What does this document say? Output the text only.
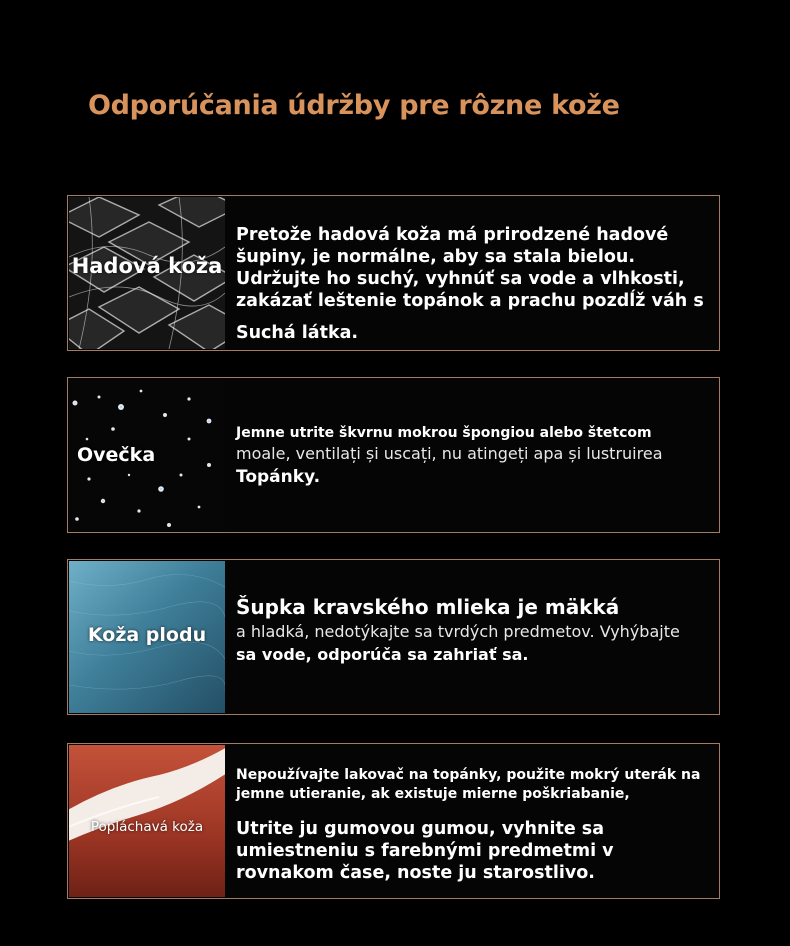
Odporúčania údržby pre rôzne kože
Hadová koža
Pretože hadová koža má prirodzené hadové
šupiny, je normálne, aby sa stala bielou.
Udržujte ho suchý, vyhnúť sa vode a vlhkosti,
zakázať leštenie topánok a prachu pozdĺž váh s
Suchá látka.
Ovečka
Jemne utrite škvrnu mokrou špongiou alebo štetcom
moale, ventilați și uscați, nu atingeți apa și lustruirea
Topánky.
Koža plodu
Šupka kravského mlieka je mäkká
a hladká, nedotýkajte sa tvrdých predmetov. Vyhýbajte
sa vode, odporúča sa zahriať sa.
Popláchavá koža
Nepoužívajte lakovač na topánky, použite mokrý uterák na
jemne utieranie, ak existuje mierne poškriabanie,
Utrite ju gumovou gumou, vyhnite sa
umiestneniu s farebnými predmetmi v
rovnakom čase, noste ju starostlivo.
